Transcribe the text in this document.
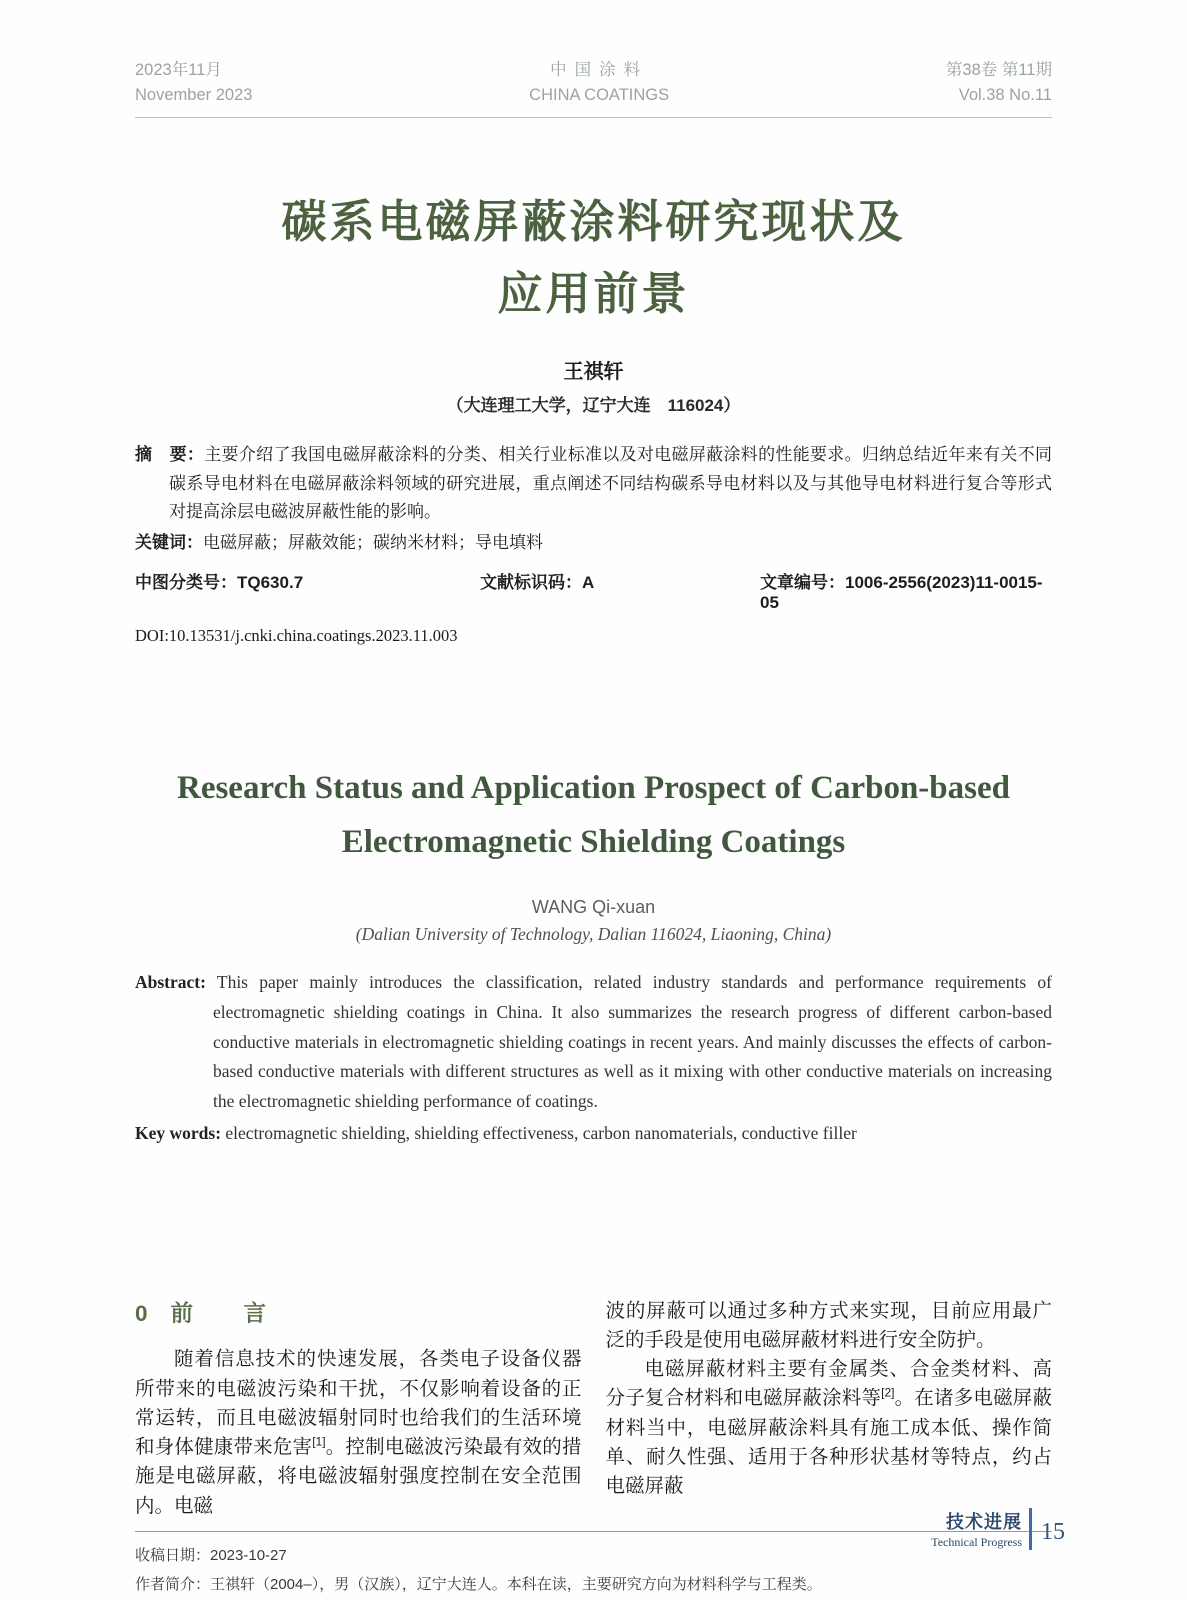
2023年11月
November 2023
中国涂料
CHINA COATINGS
第38卷 第11期
Vol.38 No.11
碳系电磁屏蔽涂料研究现状及
应用前景
王祺轩
（大连理工大学，辽宁大连　116024）
摘　要：主要介绍了我国电磁屏蔽涂料的分类、相关行业标准以及对电磁屏蔽涂料的性能要求。归纳总结近年来有关不同碳系导电材料在电磁屏蔽涂料领域的研究进展，重点阐述不同结构碳系导电材料以及与其他导电材料进行复合等形式对提高涂层电磁波屏蔽性能的影响。
关键词：电磁屏蔽；屏蔽效能；碳纳米材料；导电填料
中图分类号：TQ630.7	文献标识码：A	文章编号：1006-2556(2023)11-0015-05
DOI:10.13531/j.cnki.china.coatings.2023.11.003
Research Status and Application Prospect of Carbon-based
Electromagnetic Shielding Coatings
WANG Qi-xuan
(Dalian University of Technology, Dalian 116024, Liaoning, China)
Abstract: This paper mainly introduces the classification, related industry standards and performance requirements of electromagnetic shielding coatings in China. It also summarizes the research progress of different carbon-based conductive materials in electromagnetic shielding coatings in recent years. And mainly discusses the effects of carbon-based conductive materials with different structures as well as it mixing with other conductive materials on increasing the electromagnetic shielding performance of coatings.
Key words: electromagnetic shielding, shielding effectiveness, carbon nanomaterials, conductive filler
0 前　言

随着信息技术的快速发展，各类电子设备仪器所带来的电磁波污染和干扰，不仅影响着设备的正常运转，而且电磁波辐射同时也给我们的生活环境和身体健康带来危害[1]。控制电磁波污染最有效的措施是电磁屏蔽，将电磁波辐射强度控制在安全范围内。电磁

波的屏蔽可以通过多种方式来实现，目前应用最广泛的手段是使用电磁屏蔽材料进行安全防护。

电磁屏蔽材料主要有金属类、合金类材料、高分子复合材料和电磁屏蔽涂料等[2]。在诸多电磁屏蔽材料当中，电磁屏蔽涂料具有施工成本低、操作简单、耐久性强、适用于各种形状基材等特点，约占电磁屏蔽

收稿日期：2023-10-27
作者简介：王祺轩（2004–），男（汉族），辽宁大连人。本科在读，主要研究方向为材料科学与工程类。
技术进展
Technical Progress 15
